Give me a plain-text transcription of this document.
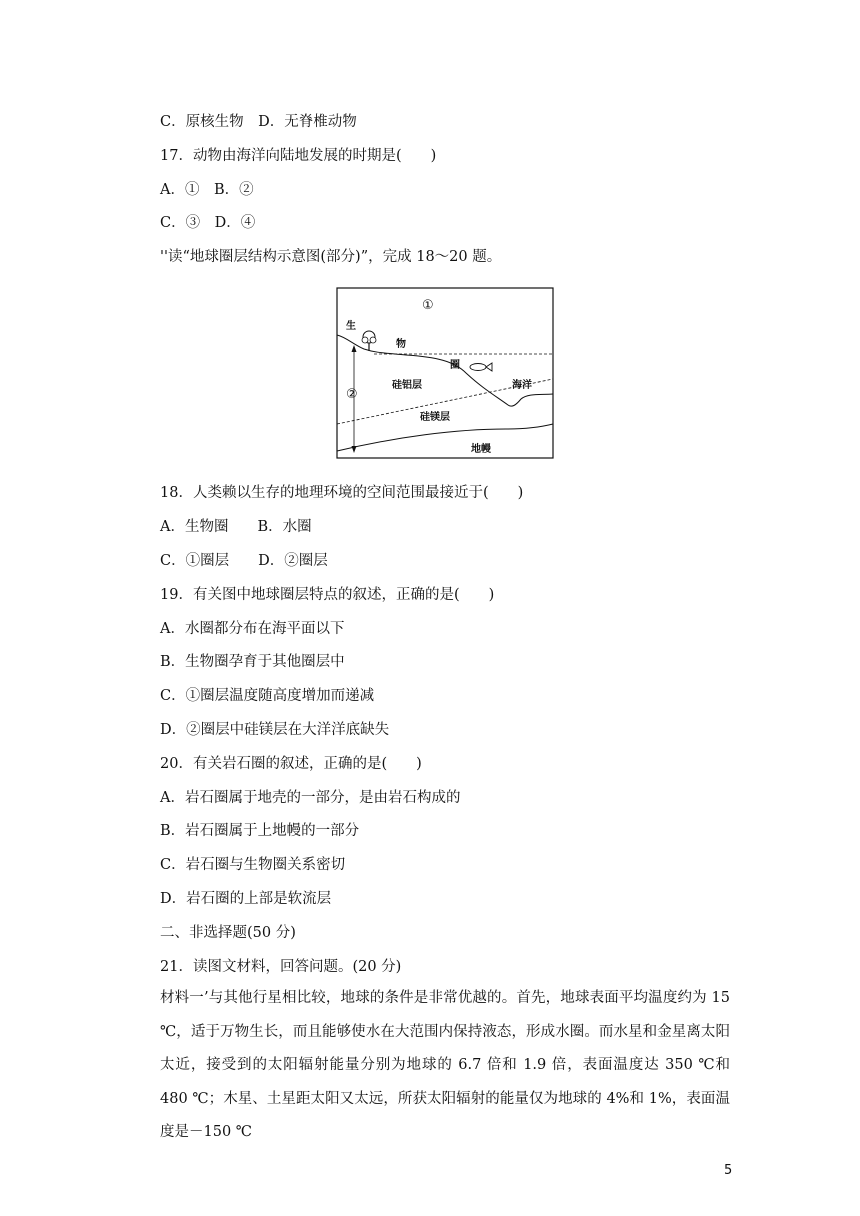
C．原核生物　D．无脊椎动物
17．动物由海洋向陆地发展的时期是(　　)
A．①　B．②
C．③　D．④
''读“地球圈层结构示意图(部分)”，完成 18～20 题。
①
生
物
圈
硅铝层	海洋
②
硅镁层
地幔
18．人类赖以生存的地理环境的空间范围最接近于(　　)
A．生物圈　　B．水圈
C．①圈层　　D．②圈层
19．有关图中地球圈层特点的叙述，正确的是(　　)
A．水圈都分布在海平面以下
B．生物圈孕育于其他圈层中
C．①圈层温度随高度增加而递减
D．②圈层中硅镁层在大洋洋底缺失
20．有关岩石圈的叙述，正确的是(　　)
A．岩石圈属于地壳的一部分，是由岩石构成的
B．岩石圈属于上地幔的一部分
C．岩石圈与生物圈关系密切
D．岩石圈的上部是软流层
二、非选择题(50 分)
21．读图文材料，回答问题。(20 分)
材料一’与其他行星相比较，地球的条件是非常优越的。首先，地球表面平均温度约为 15 ℃，适于万物生长，而且能够使水在大范围内保持液态，形成水圈。而水星和金星离太阳太近，接受到的太阳辐射能量分别为地球的 6.7 倍和 1.9 倍，表面温度达 350 ℃和 480 ℃；木星、土星距太阳又太远，所获太阳辐射的能量仅为地球的 4%和 1%，表面温度是－150 ℃
5
